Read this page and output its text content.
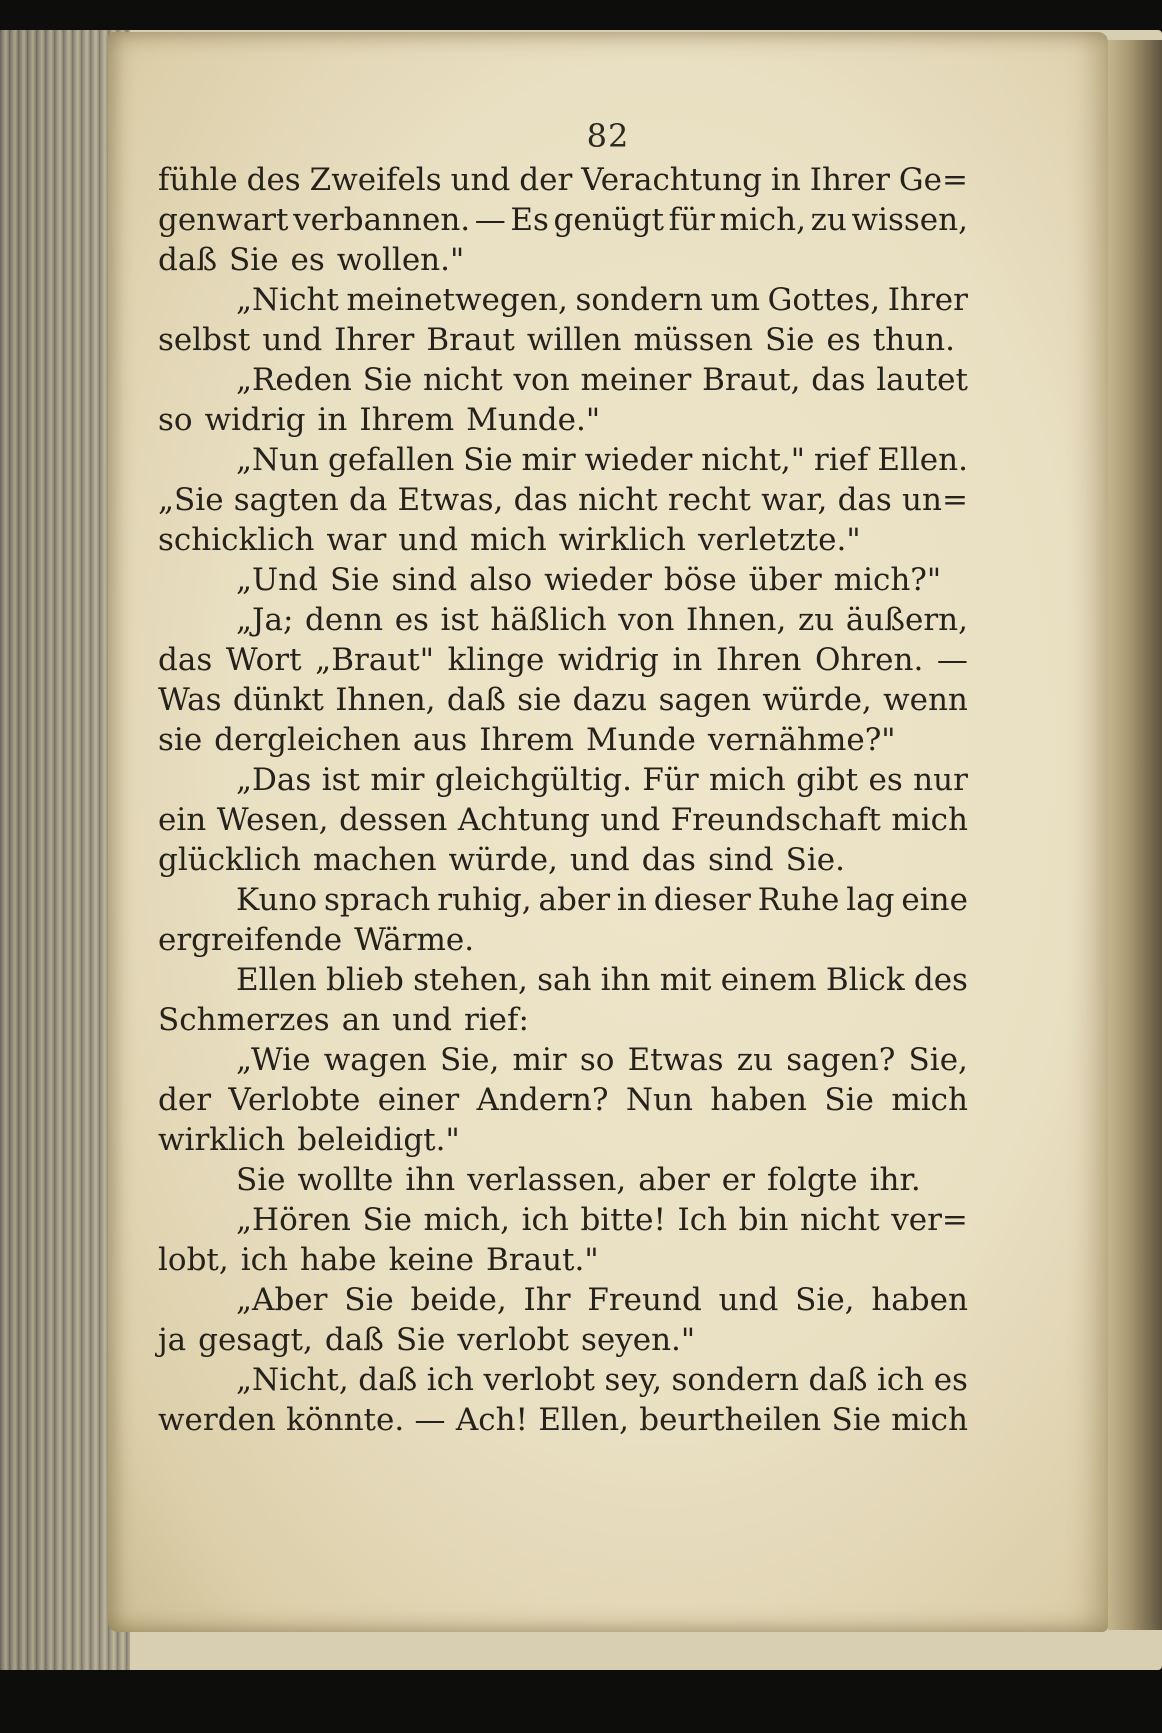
82
fühle des Zweifels und der Verachtung in Ihrer Ge=
genwart verbannen. — Es genügt für mich, zu wissen,
daß Sie es wollen."
„Nicht meinetwegen, sondern um Gottes, Ihrer
selbst und Ihrer Braut willen müssen Sie es thun.
„Reden Sie nicht von meiner Braut, das lautet
so widrig in Ihrem Munde."
„Nun gefallen Sie mir wieder nicht," rief Ellen.
„Sie sagten da Etwas, das nicht recht war, das un=
schicklich war und mich wirklich verletzte."
„Und Sie sind also wieder böse über mich?"
„Ja; denn es ist häßlich von Ihnen, zu äußern,
das Wort „Braut" klinge widrig in Ihren Ohren. —
Was dünkt Ihnen, daß sie dazu sagen würde, wenn
sie dergleichen aus Ihrem Munde vernähme?"
„Das ist mir gleichgültig. Für mich gibt es nur
ein Wesen, dessen Achtung und Freundschaft mich
glücklich machen würde, und das sind Sie.
Kuno sprach ruhig, aber in dieser Ruhe lag eine
ergreifende Wärme.
Ellen blieb stehen, sah ihn mit einem Blick des
Schmerzes an und rief:
„Wie wagen Sie, mir so Etwas zu sagen? Sie,
der Verlobte einer Andern? Nun haben Sie mich
wirklich beleidigt."
Sie wollte ihn verlassen, aber er folgte ihr.
„Hören Sie mich, ich bitte! Ich bin nicht ver=
lobt, ich habe keine Braut."
„Aber Sie beide, Ihr Freund und Sie, haben
ja gesagt, daß Sie verlobt seyen."
„Nicht, daß ich verlobt sey, sondern daß ich es
werden könnte. — Ach! Ellen, beurtheilen Sie mich
